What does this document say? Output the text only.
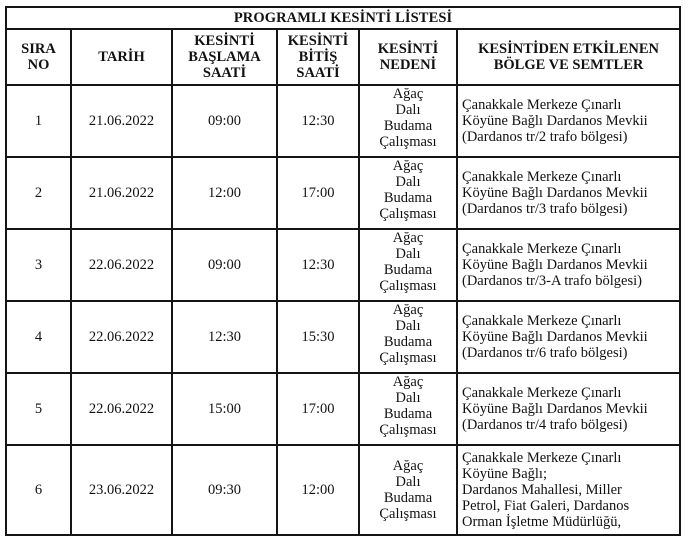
PROGRAMLI KESİNTİ LİSTESİ					

SIRA
NO	TARİH	KESİNTİ
BAŞLAMA
SAATİ	KESİNTİ
BİTİŞ
SAATİ	KESİNTİ
NEDENİ	KESİNTİDEN ETKİLENEN
BÖLGE VE SEMTLER

1	21.06.2022	09:00	12:30	Ağaç
Dalı
Budama
Çalışması	Çanakkale Merkeze Çınarlı
Köyüne Bağlı Dardanos Mevkii
(Dardanos tr/2 trafo bölgesi)

2	21.06.2022	12:00	17:00	Ağaç
Dalı
Budama
Çalışması	Çanakkale Merkeze Çınarlı
Köyüne Bağlı Dardanos Mevkii
(Dardanos tr/3 trafo bölgesi)

3	22.06.2022	09:00	12:30	Ağaç
Dalı
Budama
Çalışması	Çanakkale Merkeze Çınarlı
Köyüne Bağlı Dardanos Mevkii
(Dardanos tr/3-A trafo bölgesi)

4	22.06.2022	12:30	15:30	Ağaç
Dalı
Budama
Çalışması	Çanakkale Merkeze Çınarlı
Köyüne Bağlı Dardanos Mevkii
(Dardanos tr/6 trafo bölgesi)

5	22.06.2022	15:00	17:00	Ağaç
Dalı
Budama
Çalışması	Çanakkale Merkeze Çınarlı
Köyüne Bağlı Dardanos Mevkii
(Dardanos tr/4 trafo bölgesi)

6	23.06.2022	09:30	12:00	Ağaç
Dalı
Budama
Çalışması	Çanakkale Merkeze Çınarlı
Köyüne Bağlı;
Dardanos Mahallesi, Miller
Petrol, Fiat Galeri, Dardanos
Orman İşletme Müdürlüğü,
